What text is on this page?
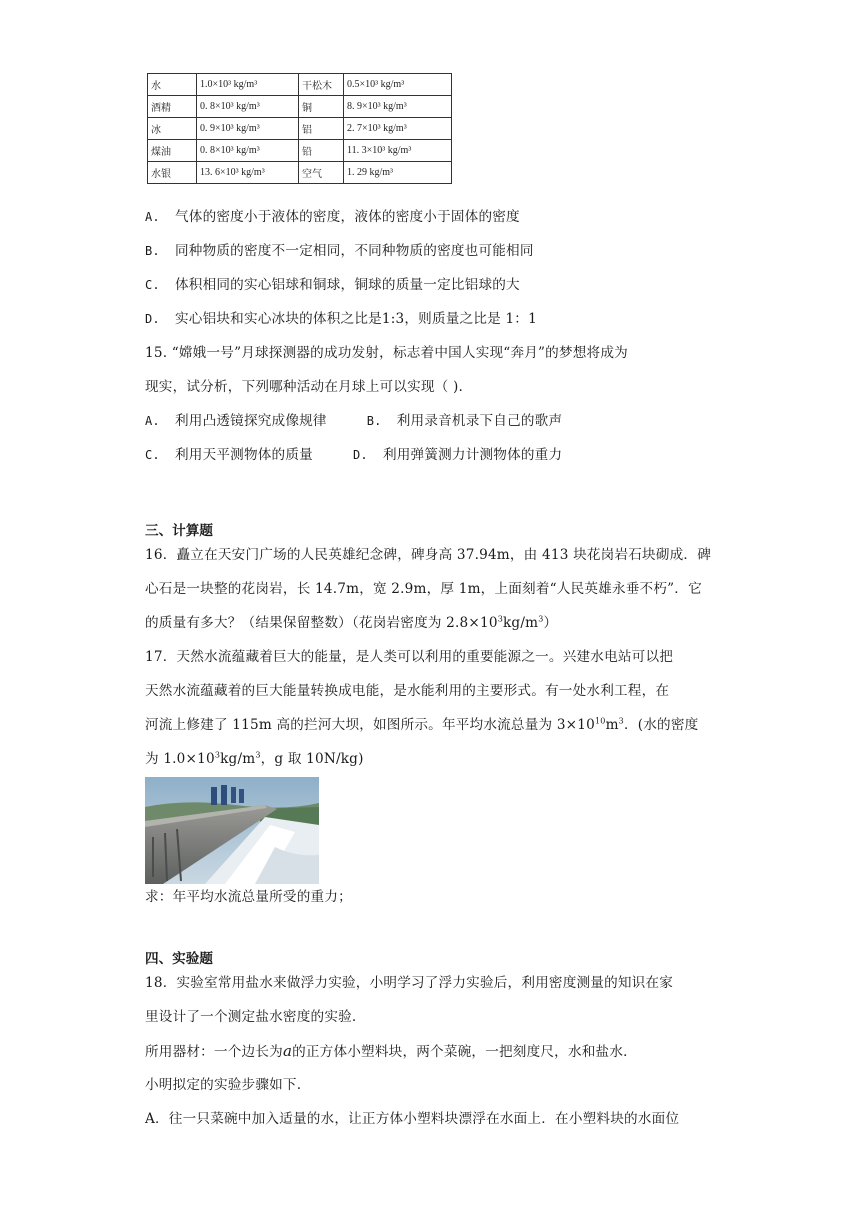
水	1.0×10³ kg/m³	干松木	0.5×10³ kg/m³
酒精	0. 8×10³ kg/m³	铜	8. 9×10³ kg/m³
冰	0. 9×10³ kg/m³	铝	2. 7×10³ kg/m³
煤油	0. 8×10³ kg/m³	铅	11. 3×10³ kg/m³
水银	13. 6×10³ kg/m³	空气	1. 29 kg/m³
A. 气体的密度小于液体的密度，液体的密度小于固体的密度
B. 同种物质的密度不一定相同，不同种物质的密度也可能相同
C. 体积相同的实心铝球和铜球，铜球的质量一定比铝球的大
D. 实心铝块和实心冰块的体积之比是1:3，则质量之比是 1：1
15. “嫦娥一号”月球探测器的成功发射，标志着中国人实现“奔月”的梦想将成为
现实，试分析，下列哪种活动在月球上可以实现（ ).
A. 利用凸透镜探究成像规律	B. 利用录音机录下自己的歌声
C. 利用天平测物体的质量	D. 利用弹簧测力计测物体的重力
三、计算题
16．矗立在天安门广场的人民英雄纪念碑，碑身高 37.94m，由 413 块花岗岩石块砌成．碑
心石是一块整的花岗岩，长 14.7m，宽 2.9m，厚 1m，上面刻着“人民英雄永垂不朽”．它
的质量有多大？（结果保留整数）（花岗岩密度为 $2.8\times 10^3kg/m^3$）
17．天然水流蕴藏着巨大的能量，是人类可以利用的重要能源之一。兴建水电站可以把
天然水流蕴藏着的巨大能量转换成电能，是水能利用的主要形式。有一处水利工程，在
河流上修建了 115m 高的拦河大坝，如图所示。年平均水流总量为 $3\times 10^{10}m^3$．(水的密度
为 $1.0\times 10^3kg/m^3$，g 取 10N/kg)
求：年平均水流总量所受的重力；
四、实验题
18．实验室常用盐水来做浮力实验，小明学习了浮力实验后，利用密度测量的知识在家
里设计了一个测定盐水密度的实验.
所用器材：一个边长为a的正方体小塑料块，两个菜碗，一把刻度尺，水和盐水．
小明拟定的实验步骤如下.
A．往一只菜碗中加入适量的水，让正方体小塑料块漂浮在水面上．在小塑料块的水面位
